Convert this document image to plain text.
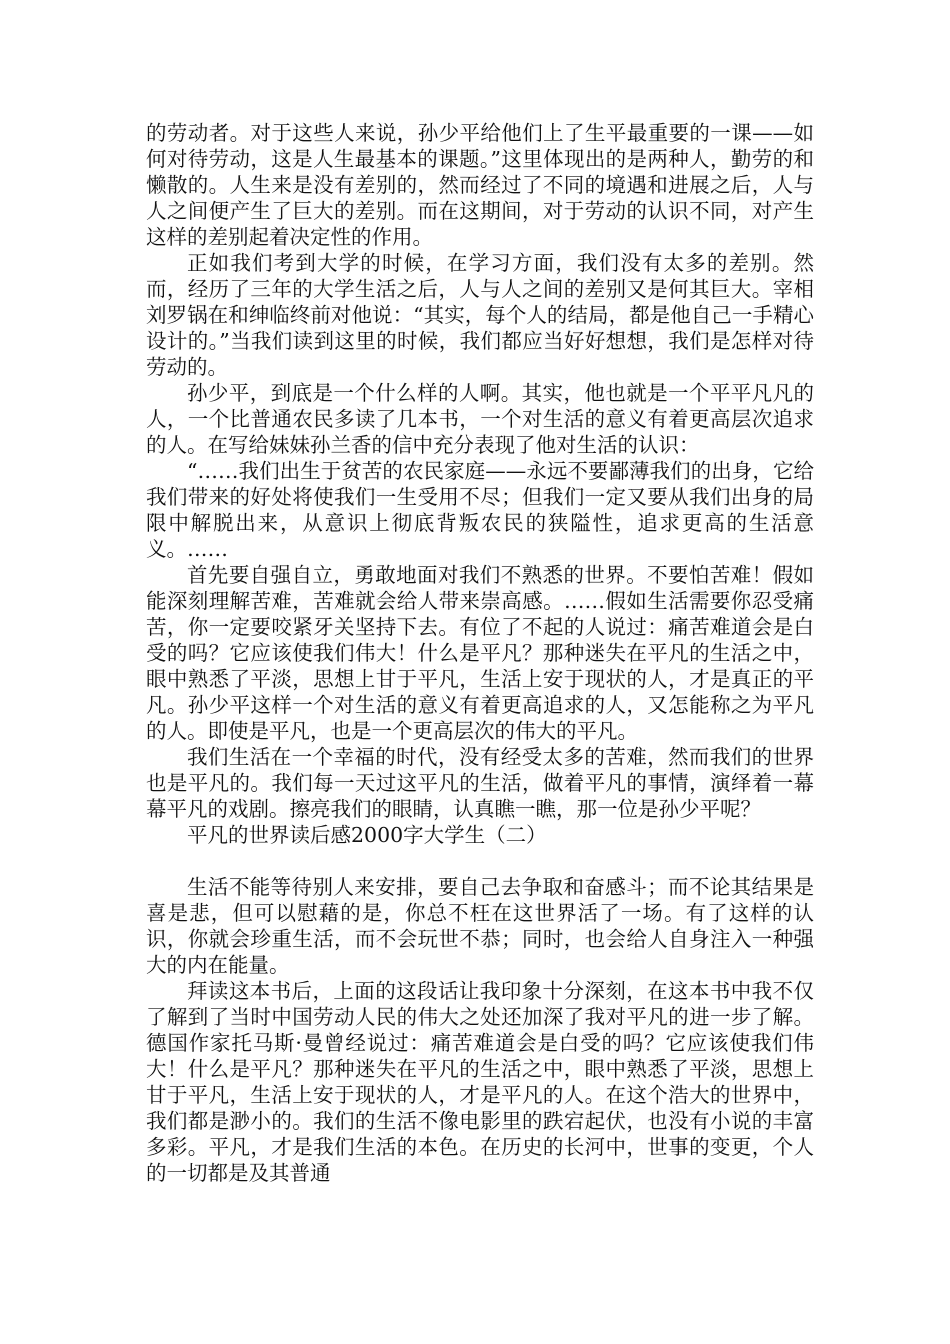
的劳动者。对于这些人来说，孙少平给他们上了生平最重要的一课——如何对待劳动，这是人生最基本的课题。”这里体现出的是两种人，勤劳的和懒散的。人生来是没有差别的，然而经过了不同的境遇和进展之后，人与人之间便产生了巨大的差别。而在这期间，对于劳动的认识不同，对产生这样的差别起着决定性的作用。

正如我们考到大学的时候，在学习方面，我们没有太多的差别。然而，经历了三年的大学生活之后，人与人之间的差别又是何其巨大。宰相刘罗锅在和绅临终前对他说：“其实，每个人的结局，都是他自己一手精心设计的。”当我们读到这里的时候，我们都应当好好想想，我们是怎样对待劳动的。

孙少平，到底是一个什么样的人啊。其实，他也就是一个平平凡凡的人，一个比普通农民多读了几本书，一个对生活的意义有着更高层次追求的人。在写给妹妹孙兰香的信中充分表现了他对生活的认识：

“……我们出生于贫苦的农民家庭——永远不要鄙薄我们的出身，它给我们带来的好处将使我们一生受用不尽；但我们一定又要从我们出身的局限中解脱出来，从意识上彻底背叛农民的狭隘性，追求更高的生活意义。……

首先要自强自立，勇敢地面对我们不熟悉的世界。不要怕苦难！假如能深刻理解苦难，苦难就会给人带来崇高感。……假如生活需要你忍受痛苦，你一定要咬紧牙关坚持下去。有位了不起的人说过：痛苦难道会是白受的吗？它应该使我们伟大！什么是平凡？那种迷失在平凡的生活之中，眼中熟悉了平淡，思想上甘于平凡，生活上安于现状的人，才是真正的平凡。孙少平这样一个对生活的意义有着更高追求的人，又怎能称之为平凡的人。即使是平凡，也是一个更高层次的伟大的平凡。

我们生活在一个幸福的时代，没有经受太多的苦难，然而我们的世界也是平凡的。我们每一天过这平凡的生活，做着平凡的事情，演绎着一幕幕平凡的戏剧。擦亮我们的眼睛，认真瞧一瞧，那一位是孙少平呢？

平凡的世界读后感2000字大学生（二）

生活不能等待别人来安排，要自己去争取和奋感斗；而不论其结果是喜是悲，但可以慰藉的是，你总不枉在这世界活了一场。有了这样的认识，你就会珍重生活，而不会玩世不恭；同时，也会给人自身注入一种强大的内在能量。

拜读这本书后，上面的这段话让我印象十分深刻，在这本书中我不仅了解到了当时中国劳动人民的伟大之处还加深了我对平凡的进一步了解。德国作家托马斯·曼曾经说过：痛苦难道会是白受的吗？它应该使我们伟大！什么是平凡？那种迷失在平凡的生活之中，眼中熟悉了平淡，思想上甘于平凡，生活上安于现状的人，才是平凡的人。在这个浩大的世界中，我们都是渺小的。我们的生活不像电影里的跌宕起伏，也没有小说的丰富多彩。平凡，才是我们生活的本色。在历史的长河中，世事的变更，个人的一切都是及其普通
